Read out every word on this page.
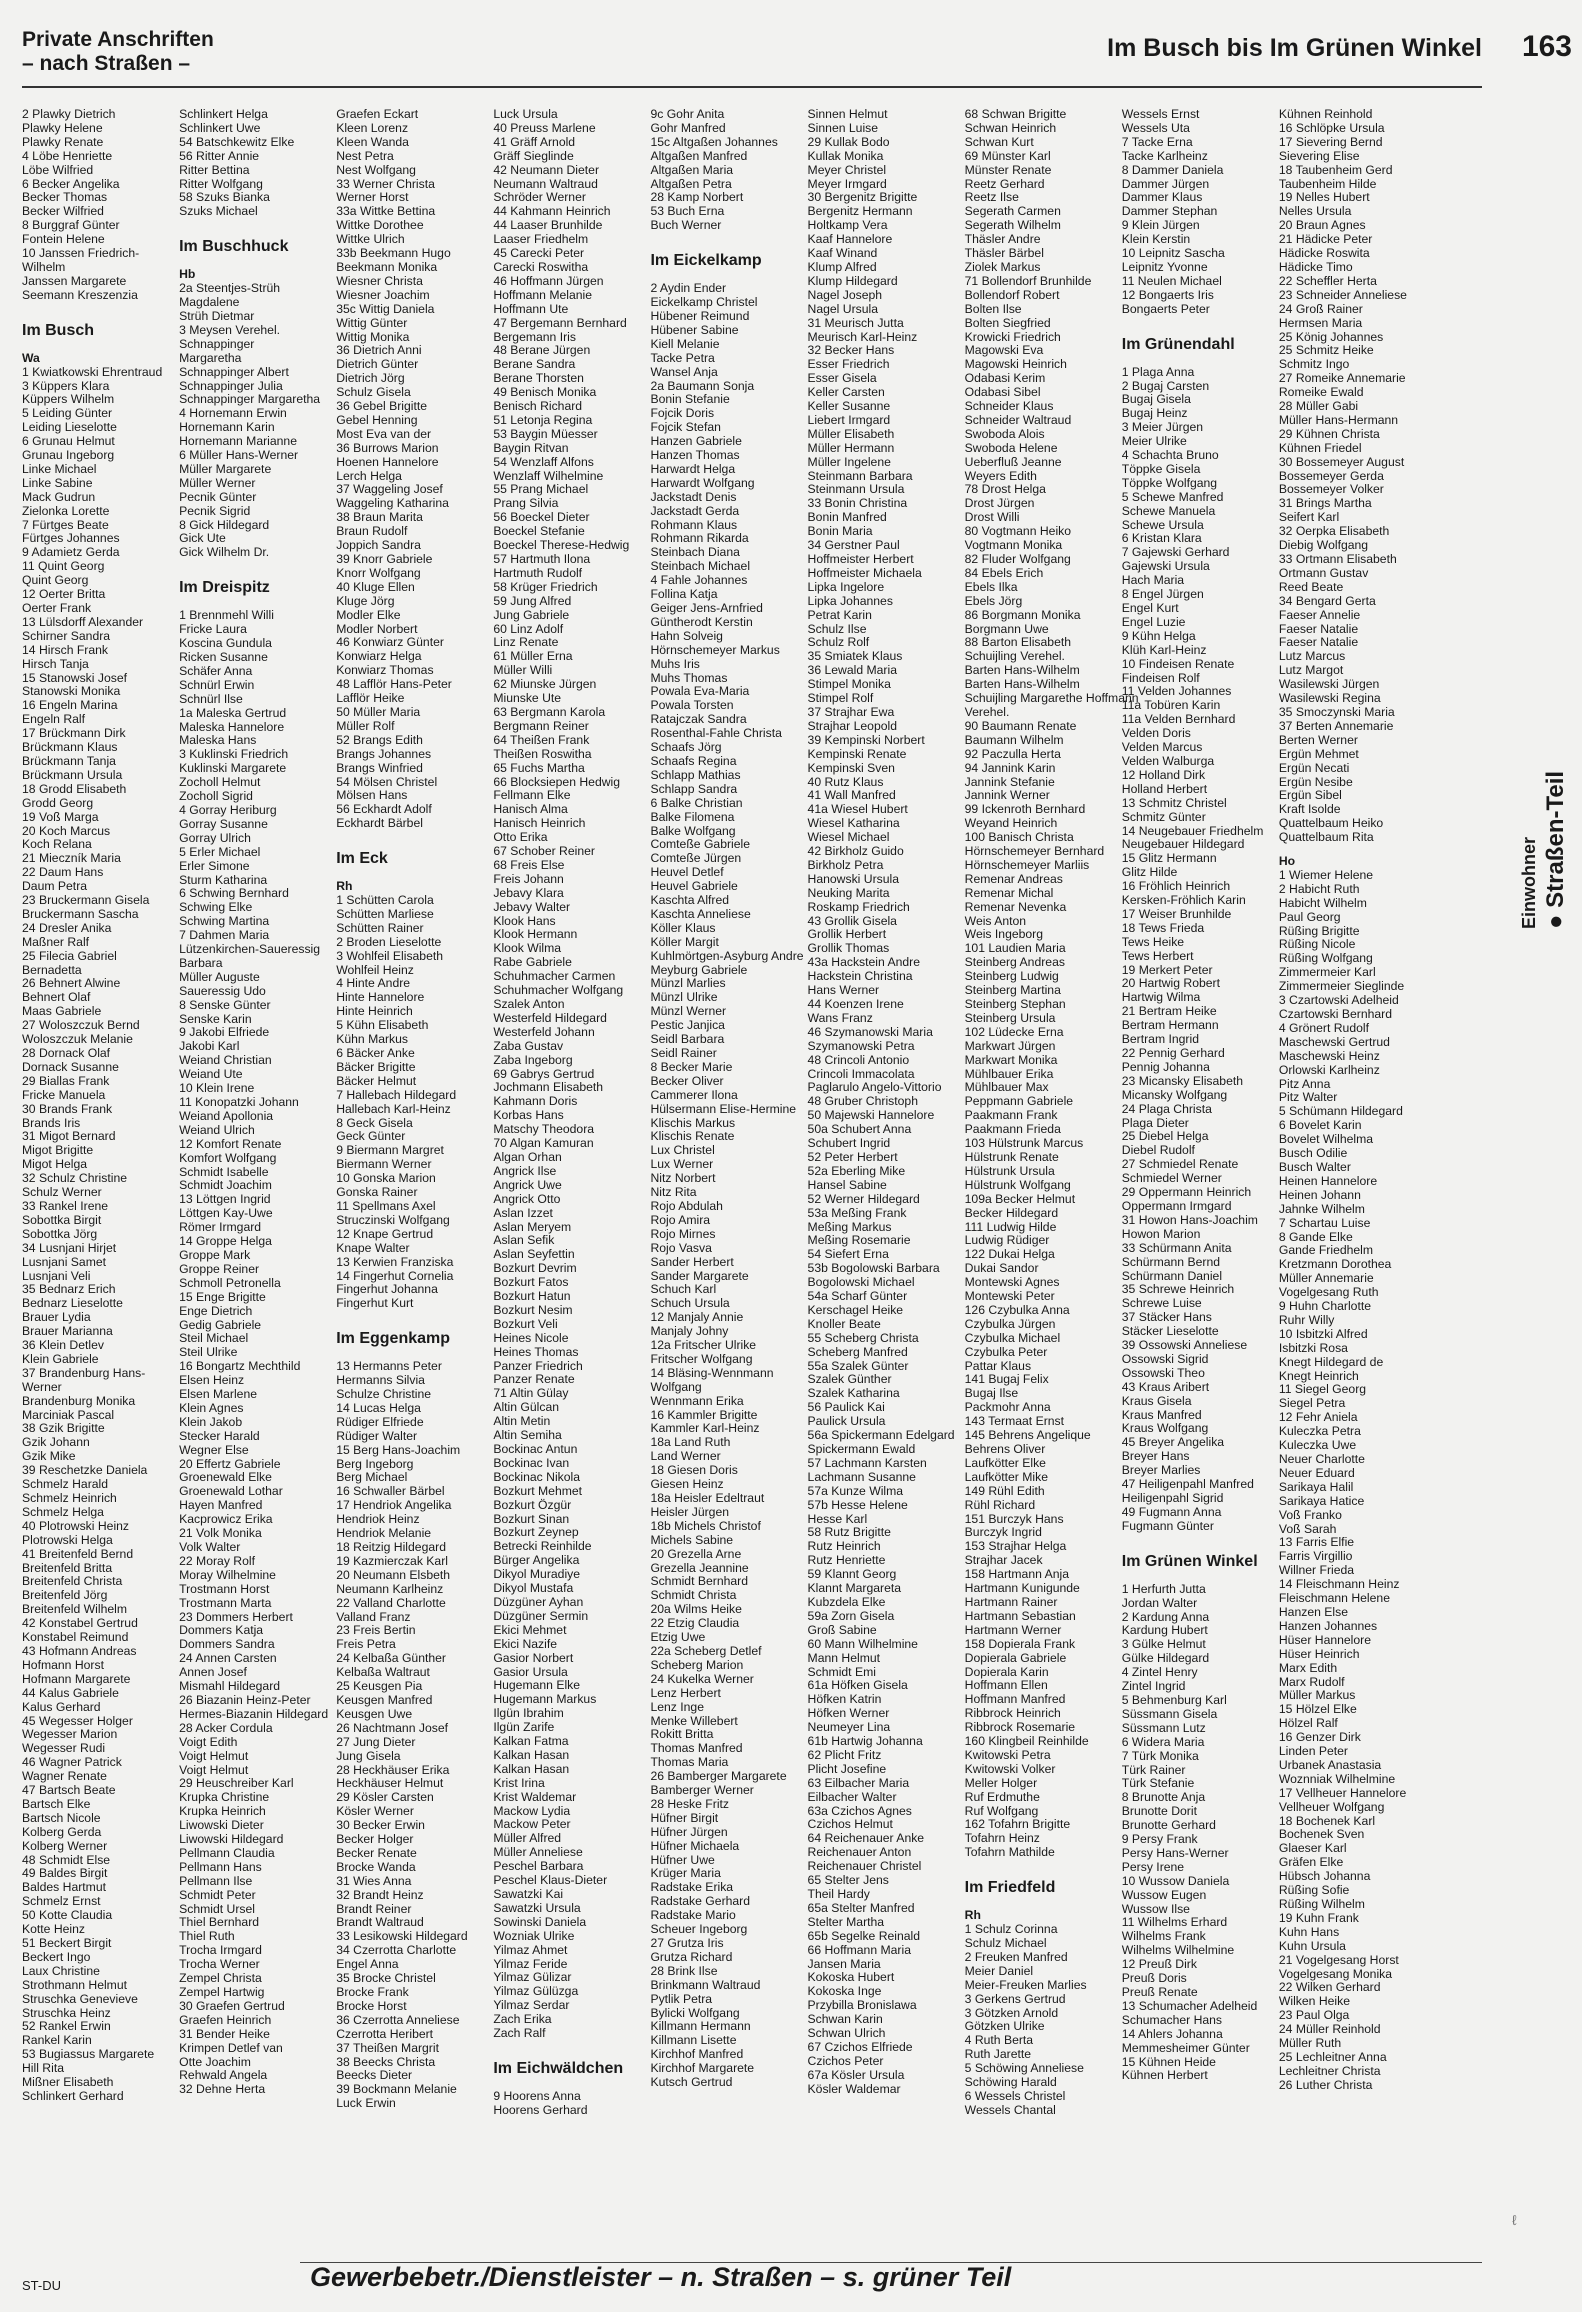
Private Anschriften
– nach Straßen –
Im Busch bis Im Grünen Winkel 163
2 Plawky Dietrich
Plawky Helene
Plawky Renate
4 Löbe Henriette
Löbe Wilfried
6 Becker Angelika
Becker Thomas
Becker Wilfried
8 Burggraf Günter
Fontein Helene
10 Janssen Friedrich-
Wilhelm
Janssen Margarete
Seemann Kreszenzia
Im Busch
Wa
1 Kwiatkowski Ehrentraud
3 Küppers Klara
Küppers Wilhelm
5 Leiding Günter
Leiding Lieselotte
6 Grunau Helmut
Grunau Ingeborg
Linke Michael
Linke Sabine
Mack Gudrun
Zielonka Lorette
7 Fürtges Beate
Fürtges Johannes
9 Adamietz Gerda
11 Quint Georg
Quint Georg
12 Oerter Britta
Oerter Frank
13 Lülsdorff Alexander
Schirner Sandra
14 Hirsch Frank
Hirsch Tanja
15 Stanowski Josef
Stanowski Monika
16 Engeln Marina
Engeln Ralf
17 Brückmann Dirk
Brückmann Klaus
Brückmann Tanja
Brückmann Ursula
18 Grodd Elisabeth
Grodd Georg
19 Voß Marga
20 Koch Marcus
Koch Relana
21 Mieczník Maria
22 Daum Hans
Daum Petra
23 Bruckermann Gisela
Bruckermann Sascha
24 Dresler Anika
Maßner Ralf
25 Filecia Gabriel
Bernadetta
26 Behnert Alwine
Behnert Olaf
Maas Gabriele
27 Woloszczuk Bernd
Woloszczuk Melanie
28 Dornack Olaf
Dornack Susanne
29 Biallas Frank
Fricke Manuela
30 Brands Frank
Brands Iris
31 Migot Bernard
Migot Brigitte
Migot Helga
32 Schulz Christine
Schulz Werner
33 Rankel Irene
Sobottka Birgit
Sobottka Jörg
34 Lusnjani Hirjet
Lusnjani Samet
Lusnjani Veli
35 Bednarz Erich
Bednarz Lieselotte
Brauer Lydia
Brauer Marianna
36 Klein Detlev
Klein Gabriele
37 Brandenburg Hans-
Werner
Brandenburg Monika
Marciniak Pascal
38 Gzik Brigitte
Gzik Johann
Gzik Mike
39 Reschetzke Daniela
Schmelz Harald
Schmelz Heinrich
Schmelz Helga
40 Plotrowski Heinz
Plotrowski Helga
41 Breitenfeld Bernd
Breitenfeld Britta
Breitenfeld Christa
Breitenfeld Jörg
Breitenfeld Wilhelm
42 Konstabel Gertrud
Konstabel Reimund
43 Hofmann Andreas
Hofmann Horst
Hofmann Margarete
44 Kalus Gabriele
Kalus Gerhard
45 Wegesser Holger
Wegesser Marion
Wegesser Rudi
46 Wagner Patrick
Wagner Renate
47 Bartsch Beate
Bartsch Elke
Bartsch Nicole
Kolberg Gerda
Kolberg Werner
48 Schmidt Else
49 Baldes Birgit
Baldes Hartmut
Schmelz Ernst
50 Kotte Claudia
Kotte Heinz
51 Beckert Birgit
Beckert Ingo
Laux Christine
Strothmann Helmut
Struschka Genevieve
Struschka Heinz
52 Rankel Erwin
Rankel Karin
53 Bugiassus Margarete
Hill Rita
Mißner Elisabeth
Schlinkert Gerhard
Schlinkert Helga
Schlinkert Uwe
54 Batschkewitz Elke
56 Ritter Annie
Ritter Bettina
Ritter Wolfgang
58 Szuks Bianka
Szuks Michael
Im Buschhuck
Hb
2a Steentjes-Strüh
Magdalene
Strüh Dietmar
3 Meysen Verehel.
Schnappinger
Margaretha
Schnappinger Albert
Schnappinger Julia
Schnappinger Margaretha
4 Hornemann Erwin
Hornemann Karin
Hornemann Marianne
6 Müller Hans-Werner
Müller Margarete
Müller Werner
Pecnik Günter
Pecnik Sigrid
8 Gick Hildegard
Gick Ute
Gick Wilhelm Dr.
Im Dreispitz
1 Brennmehl Willi
Fricke Laura
Koscina Gundula
Ricken Susanne
Schäfer Anna
Schnürl Erwin
Schnürl Ilse
1a Maleska Gertrud
Maleska Hannelore
Maleska Hans
3 Kuklinski Friedrich
Kuklinski Margarete
Zocholl Helmut
Zocholl Sigrid
4 Gorray Heriburg
Gorray Susanne
Gorray Ulrich
5 Erler Michael
Erler Simone
Sturm Katharina
6 Schwing Bernhard
Schwing Elke
Schwing Martina
7 Dahmen Maria
Lützenkirchen-Saueressig
Barbara
Müller Auguste
Saueressig Udo
8 Senske Günter
Senske Karin
9 Jakobi Elfriede
Jakobi Karl
Weiand Christian
Weiand Ute
10 Klein Irene
11 Konopatzki Johann
Weiand Apollonia
Weiand Ulrich
12 Komfort Renate
Komfort Wolfgang
Schmidt Isabelle
Schmidt Joachim
13 Löttgen Ingrid
Löttgen Kay-Uwe
Römer Irmgard
14 Groppe Helga
Groppe Mark
Groppe Reiner
Schmoll Petronella
15 Enge Brigitte
Enge Dietrich
Gedig Gabriele
Steil Michael
Steil Ulrike
16 Bongartz Mechthild
Elsen Heinz
Elsen Marlene
Klein Agnes
Klein Jakob
Stecker Harald
Wegner Else
20 Effertz Gabriele
Groenewald Elke
Groenewald Lothar
Hayen Manfred
Kacprowicz Erika
21 Volk Monika
Volk Walter
22 Moray Rolf
Moray Wilhelmine
Trostmann Horst
Trostmann Marta
23 Dommers Herbert
Dommers Katja
Dommers Sandra
24 Annen Carsten
Annen Josef
Mismahl Hildegard
26 Biazanin Heinz-Peter
Hermes-Biazanin Hildegard
28 Acker Cordula
Voigt Edith
Voigt Helmut
Voigt Helmut
29 Heuschreiber Karl
Krupka Christine
Krupka Heinrich
Liwowski Dieter
Liwowski Hildegard
Pellmann Claudia
Pellmann Hans
Pellmann Ilse
Schmidt Peter
Schmidt Ursel
Thiel Bernhard
Thiel Ruth
Trocha Irmgard
Trocha Werner
Zempel Christa
Zempel Hartwig
30 Graefen Gertrud
Graefen Heinrich
31 Bender Heike
Krimpen Detlef van
Otte Joachim
Rehwald Angela
32 Dehne Herta
Graefen Eckart
Kleen Lorenz
Kleen Wanda
Nest Petra
Nest Wolfgang
33 Werner Christa
Werner Horst
33a Wittke Bettina
Wittke Dorothee
Wittke Ulrich
33b Beekmann Hugo
Beekmann Monika
Wiesner Christa
Wiesner Joachim
35c Wittig Daniela
Wittig Günter
Wittig Monika
36 Dietrich Anni
Dietrich Günter
Dietrich Jörg
Schulz Gisela
36 Gebel Brigitte
Gebel Henning
Most Eva van der
36 Burrows Marion
Hoenen Hannelore
Lerch Helga
37 Waggeling Josef
Waggeling Katharina
38 Braun Marita
Braun Rudolf
Joppich Sandra
39 Knorr Gabriele
Knorr Wolfgang
40 Kluge Ellen
Kluge Jörg
Modler Elke
Modler Norbert
46 Konwiarz Günter
Konwiarz Helga
Konwiarz Thomas
48 Lafflör Hans-Peter
Lafflör Heike
50 Müller Maria
Müller Rolf
52 Brangs Edith
Brangs Johannes
Brangs Winfried
54 Mölsen Christel
Mölsen Hans
56 Eckhardt Adolf
Eckhardt Bärbel
Im Eck
Rh
1 Schütten Carola
Schütten Marliese
Schütten Rainer
2 Broden Lieselotte
3 Wohlfeil Elisabeth
Wohlfeil Heinz
4 Hinte Andre
Hinte Hannelore
Hinte Heinrich
5 Kühn Elisabeth
Kühn Markus
6 Bäcker Anke
Bäcker Brigitte
Bäcker Helmut
7 Hallebach Hildegard
Hallebach Karl-Heinz
8 Geck Gisela
Geck Günter
9 Biermann Margret
Biermann Werner
10 Gonska Marion
Gonska Rainer
11 Spellmans Axel
Struczinski Wolfgang
12 Knape Gertrud
Knape Walter
13 Kerwien Franziska
14 Fingerhut Cornelia
Fingerhut Johanna
Fingerhut Kurt
Im Eggenkamp
13 Hermanns Peter
Hermanns Silvia
Schulze Christine
14 Lucas Helga
Rüdiger Elfriede
Rüdiger Walter
15 Berg Hans-Joachim
Berg Ingeborg
Berg Michael
16 Schwaller Bärbel
17 Hendriok Angelika
Hendriok Heinz
Hendriok Melanie
18 Reitzig Hildegard
19 Kazmierczak Karl
20 Neumann Elsbeth
Neumann Karlheinz
22 Valland Charlotte
Valland Franz
23 Freis Bertin
Freis Petra
24 Kelbaßa Günther
Kelbaßa Waltraut
25 Keusgen Pia
Keusgen Manfred
Keusgen Uwe
26 Nachtmann Josef
27 Jung Dieter
Jung Gisela
28 Heckhäuser Erika
Heckhäuser Helmut
29 Kösler Carsten
Kösler Werner
30 Becker Erwin
Becker Holger
Becker Renate
Brocke Wanda
31 Wies Anna
32 Brandt Heinz
Brandt Reiner
Brandt Waltraud
33 Lesikowski Hildegard
34 Czerrotta Charlotte
Engel Anna
35 Brocke Christel
Brocke Frank
Brocke Horst
36 Czerrotta Anneliese
Czerrotta Heribert
37 Theißen Margrit
38 Beecks Christa
Beecks Dieter
39 Bockmann Melanie
Luck Erwin
Luck Ursula
40 Preuss Marlene
41 Gräff Arnold
Gräff Sieglinde
42 Neumann Dieter
Neumann Waltraud
Schröder Werner
44 Kahmann Heinrich
44 Laaser Brunhilde
Laaser Friedhelm
45 Carecki Peter
Carecki Roswitha
46 Hoffmann Jürgen
Hoffmann Melanie
Hoffmann Ute
47 Bergemann Bernhard
Bergemann Iris
48 Berane Jürgen
Berane Sandra
Berane Thorsten
49 Benisch Monika
Benisch Richard
51 Letonja Regina
53 Baygin Müesser
Baygin Ritvan
54 Wenzlaff Alfons
Wenzlaff Wilhelmine
55 Prang Michael
Prang Silvia
56 Boeckel Dieter
Boeckel Stefanie
Boeckel Therese-Hedwig
57 Hartmuth Ilona
Hartmuth Rudolf
58 Krüger Friedrich
59 Jung Alfred
Jung Gabriele
60 Linz Adolf
Linz Renate
61 Müller Erna
Müller Willi
62 Miunske Jürgen
Miunske Ute
63 Bergmann Karola
Bergmann Reiner
64 Theißen Frank
Theißen Roswitha
65 Fuchs Martha
66 Blocksiepen Hedwig
Fellmann Elke
Hanisch Alma
Hanisch Heinrich
Otto Erika
67 Schober Reiner
68 Freis Else
Freis Johann
Jebavy Klara
Jebavy Walter
Klook Hans
Klook Hermann
Klook Wilma
Rabe Gabriele
Schuhmacher Carmen
Schuhmacher Wolfgang
Szalek Anton
Westerfeld Hildegard
Westerfeld Johann
Zaba Gustav
Zaba Ingeborg
69 Gabrys Gertrud
Jochmann Elisabeth
Kahmann Doris
Korbas Hans
Matschy Theodora
70 Algan Kamuran
Algan Orhan
Angrick Ilse
Angrick Uwe
Angrick Otto
Aslan Izzet
Aslan Meryem
Aslan Sefik
Aslan Seyfettin
Bozkurt Devrim
Bozkurt Fatos
Bozkurt Hatun
Bozkurt Nesim
Bozkurt Veli
Heines Nicole
Heines Thomas
Panzer Friedrich
Panzer Renate
71 Altin Gülay
Altin Gülcan
Altin Metin
Altin Semiha
Bockinac Antun
Bockinac Ivan
Bockinac Nikola
Bozkurt Mehmet
Bozkurt Özgür
Bozkurt Sinan
Bozkurt Zeynep
Betrecki Reinhilde
Bürger Angelika
Dikyol Muradiye
Dikyol Mustafa
Düzgüner Ayhan
Düzgüner Sermin
Ekici Mehmet
Ekici Nazife
Gasior Norbert
Gasior Ursula
Hugemann Elke
Hugemann Markus
Ilgün Ibrahim
Ilgün Zarife
Kalkan Fatma
Kalkan Hasan
Kalkan Hasan
Krist Irina
Krist Waldemar
Mackow Lydia
Mackow Peter
Müller Alfred
Müller Anneliese
Peschel Barbara
Peschel Klaus-Dieter
Sawatzki Kai
Sawatzki Ursula
Sowinski Daniela
Wozniak Ulrike
Yilmaz Ahmet
Yilmaz Feride
Yilmaz Gülizar
Yilmaz Gülüzga
Yilmaz Serdar
Zach Erika
Zach Ralf
Im Eichwäldchen
9 Hoorens Anna
Hoorens Gerhard
9c Gohr Anita
Gohr Manfred
15c Altgaßen Johannes
Altgaßen Manfred
Altgaßen Maria
Altgaßen Petra
28 Kamp Norbert
53 Buch Erna
Buch Werner
Im Eickelkamp
2 Aydin Ender
Eickelkamp Christel
Hübener Reimund
Hübener Sabine
Kiell Melanie
Tacke Petra
Wansel Anja
2a Baumann Sonja
Bonin Stefanie
Fojcik Doris
Fojcik Stefan
Hanzen Gabriele
Hanzen Thomas
Harwardt Helga
Harwardt Wolfgang
Jackstadt Denis
Jackstadt Gerda
Rohmann Klaus
Rohmann Rikarda
Steinbach Diana
Steinbach Michael
4 Fahle Johannes
Follina Katja
Geiger Jens-Arnfried
Güntherodt Kerstin
Hahn Solveig
Hörnschemeyer Markus
Muhs Iris
Muhs Thomas
Powala Eva-Maria
Powala Torsten
Ratajczak Sandra
Rosenthal-Fahle Christa
Schaafs Jörg
Schaafs Regina
Schlapp Mathias
Schlapp Sandra
6 Balke Christian
Balke Filomena
Balke Wolfgang
Comteße Gabriele
Comteße Jürgen
Heuvel Detlef
Heuvel Gabriele
Kaschta Alfred
Kaschta Anneliese
Köller Klaus
Köller Margit
Kuhlmörtgen-Asyburg Andre
Meyburg Gabriele
Münzl Marlies
Münzl Ulrike
Münzl Werner
Pestic Janjica
Seidl Barbara
Seidl Rainer
8 Becker Marie
Becker Oliver
Cammerer Ilona
Hülsermann Elise-Hermine
Klischis Markus
Klischis Renate
Lux Christel
Lux Werner
Nitz Norbert
Nitz Rita
Rojo Abdulah
Rojo Amira
Rojo Mirnes
Rojo Vasva
Sander Herbert
Sander Margarete
Schuch Karl
Schuch Ursula
12 Manjaly Annie
Manjaly Johny
12a Fritscher Ulrike
Fritscher Wolfgang
14 Bläsing-Wennmann
Wolfgang
Wennmann Erika
16 Kammler Brigitte
Kammler Karl-Heinz
18a Land Ruth
Land Werner
18 Giesen Doris
Giesen Heinz
18a Heisler Edeltraut
Heisler Jürgen
18b Michels Christof
Michels Sabine
20 Grezella Arne
Grezella Jeannine
Schmidt Bernhard
Schmidt Christa
20a Wilms Heike
22 Etzig Claudia
Etzig Uwe
22a Scheberg Detlef
Scheberg Marion
24 Kukelka Werner
Lenz Herbert
Lenz Inge
Menke Willebert
Rokitt Britta
Thomas Manfred
Thomas Maria
26 Bamberger Margarete
Bamberger Werner
28 Heske Fritz
Hüfner Birgit
Hüfner Jürgen
Hüfner Michaela
Hüfner Uwe
Krüger Maria
Radstake Erika
Radstake Gerhard
Radstake Mario
Scheuer Ingeborg
27 Grutza Iris
Grutza Richard
28 Brink Ilse
Brinkmann Waltraud
Pytlik Petra
Bylicki Wolfgang
Killmann Hermann
Killmann Lisette
Kirchhof Manfred
Kirchhof Margarete
Kutsch Gertrud
Sinnen Helmut
Sinnen Luise
29 Kullak Bodo
Kullak Monika
Meyer Christel
Meyer Irmgard
30 Bergenitz Brigitte
Bergenitz Hermann
Holtkamp Vera
Kaaf Hannelore
Kaaf Winand
Klump Alfred
Klump Hildegard
Nagel Joseph
Nagel Ursula
31 Meurisch Jutta
Meurisch Karl-Heinz
32 Becker Hans
Esser Friedrich
Esser Gisela
Keller Carsten
Keller Susanne
Liebert Irmgard
Müller Elisabeth
Müller Hermann
Müller Ingelene
Steinmann Barbara
Steinmann Ursula
33 Bonin Christina
Bonin Manfred
Bonin Maria
34 Gerstner Paul
Hoffmeister Herbert
Hoffmeister Michaela
Lipka Ingelore
Lipka Johannes
Petrat Karin
Schulz Ilse
Schulz Rolf
35 Smiatek Klaus
36 Lewald Maria
Stimpel Monika
Stimpel Rolf
37 Strajhar Ewa
Strajhar Leopold
39 Kempinski Norbert
Kempinski Renate
Kempinski Sven
40 Rutz Klaus
41 Wall Manfred
41a Wiesel Hubert
Wiesel Katharina
Wiesel Michael
42 Birkholz Guido
Birkholz Petra
Hanowski Ursula
Neuking Marita
Roskamp Friedrich
43 Grollik Gisela
Grollik Herbert
Grollik Thomas
43a Hackstein Andre
Hackstein Christina
Hans Werner
44 Koenzen Irene
Wans Franz
46 Szymanowski Maria
Szymanowski Petra
48 Crincoli Antonio
Crincoli Immacolata
Paglarulo Angelo-Vittorio
48 Gruber Christoph
50 Majewski Hannelore
50a Schubert Anna
Schubert Ingrid
52 Peter Herbert
52a Eberling Mike
Hansel Sabine
52 Werner Hildegard
53a Meßing Frank
Meßing Markus
Meßing Rosemarie
54 Siefert Erna
53b Bogolowski Barbara
Bogolowski Michael
54a Scharf Günter
Kerschagel Heike
Knoller Beate
55 Scheberg Christa
Scheberg Manfred
55a Szalek Günter
Szalek Günther
Szalek Katharina
56 Paulick Kai
Paulick Ursula
56a Spickermann Edelgard
Spickermann Ewald
57 Lachmann Karsten
Lachmann Susanne
57a Kunze Wilma
57b Hesse Helene
Hesse Karl
58 Rutz Brigitte
Rutz Heinrich
Rutz Henriette
59 Klannt Georg
Klannt Margareta
Kubzdela Elke
59a Zorn Gisela
Groß Sabine
60 Mann Wilhelmine
Mann Helmut
Schmidt Emi
61a Höfken Gisela
Höfken Katrin
Höfken Werner
Neumeyer Lina
61b Hartwig Johanna
62 Plicht Fritz
Plicht Josefine
63 Eilbacher Maria
Eilbacher Walter
63a Czichos Agnes
Czichos Helmut
64 Reichenauer Anke
Reichenauer Anton
Reichenauer Christel
65 Stelter Jens
Theil Hardy
65a Stelter Manfred
Stelter Martha
65b Segelke Reinald
66 Hoffmann Maria
Jansen Maria
Kokoska Hubert
Kokoska Inge
Przybilla Bronislawa
Schwan Karin
Schwan Ulrich
67 Czichos Elfriede
Czichos Peter
67a Kösler Ursula
Kösler Waldemar
68 Schwan Brigitte
Schwan Heinrich
Schwan Kurt
69 Münster Karl
Münster Renate
Reetz Gerhard
Reetz Ilse
Segerath Carmen
Segerath Wilhelm
Thäsler Andre
Thäsler Bärbel
Ziolek Markus
71 Bollendorf Brunhilde
Bollendorf Robert
Bolten Ilse
Bolten Siegfried
Krowicki Friedrich
Magowski Eva
Magowski Heinrich
Odabasi Kerim
Odabasi Sibel
Schneider Klaus
Schneider Waltraud
Swoboda Alois
Swoboda Helene
Ueberfluß Jeanne
Weyers Edith
78 Drost Helga
Drost Jürgen
Drost Willi
80 Vogtmann Heiko
Vogtmann Monika
82 Fluder Wolfgang
84 Ebels Erich
Ebels Ilka
Ebels Jörg
86 Borgmann Monika
Borgmann Uwe
88 Barton Elisabeth
Schuijling Verehel.
Barten Hans-Wilhelm
Barten Hans-Wilhelm
Schuijling Margarethe Hoffmann
Verehel.
90 Baumann Renate
Baumann Wilhelm
92 Paczulla Herta
94 Jannink Karin
Jannink Stefanie
Jannink Werner
99 Ickenroth Bernhard
Weyand Heinrich
100 Banisch Christa
Hörnschemeyer Bernhard
Hörnschemeyer Marliis
Remenar Andreas
Remenar Michal
Remenar Nevenka
Weis Anton
Weis Ingeborg
101 Laudien Maria
Steinberg Andreas
Steinberg Ludwig
Steinberg Martina
Steinberg Stephan
Steinberg Ursula
102 Lüdecke Erna
Markwart Jürgen
Markwart Monika
Mühlbauer Erika
Mühlbauer Max
Peppmann Gabriele
Paakmann Frank
Paakmann Frieda
103 Hülstrunk Marcus
Hülstrunk Renate
Hülstrunk Ursula
Hülstrunk Wolfgang
109a Becker Helmut
Becker Hildegard
111 Ludwig Hilde
Ludwig Rüdiger
122 Dukai Helga
Dukai Sandor
Montewski Agnes
Montewski Peter
126 Czybulka Anna
Czybulka Jürgen
Czybulka Michael
Czybulka Peter
Pattar Klaus
141 Bugaj Felix
Bugaj Ilse
Packmohr Anna
143 Termaat Ernst
145 Behrens Angelique
Behrens Oliver
Laufkötter Elke
Laufkötter Mike
149 Rühl Edith
Rühl Richard
151 Burczyk Hans
Burczyk Ingrid
153 Strajhar Helga
Strajhar Jacek
158 Hartmann Anja
Hartmann Kunigunde
Hartmann Rainer
Hartmann Sebastian
Hartmann Werner
158 Dopierala Frank
Dopierala Gabriele
Dopierala Karin
Hoffmann Ellen
Hoffmann Manfred
Ribbrock Heinrich
Ribbrock Rosemarie
160 Klingbeil Reinhilde
Kwitowski Petra
Kwitowski Volker
Meller Holger
Ruf Erdmuthe
Ruf Wolfgang
162 Tofahrn Brigitte
Tofahrn Heinz
Tofahrn Mathilde
Im Friedfeld
Rh
1 Schulz Corinna
Schulz Michael
2 Freuken Manfred
Meier Daniel
Meier-Freuken Marlies
3 Gerkens Gertrud
3 Götzken Arnold
Götzken Ulrike
4 Ruth Berta
Ruth Jarette
5 Schöwing Anneliese
Schöwing Harald
6 Wessels Christel
Wessels Chantal
Wessels Ernst
Wessels Uta
7 Tacke Erna
Tacke Karlheinz
8 Dammer Daniela
Dammer Jürgen
Dammer Klaus
Dammer Stephan
9 Klein Jürgen
Klein Kerstin
10 Leipnitz Sascha
Leipnitz Yvonne
11 Neulen Michael
12 Bongaerts Iris
Bongaerts Peter
Im Grünendahl
1 Plaga Anna
2 Bugaj Carsten
Bugaj Gisela
Bugaj Heinz
3 Meier Jürgen
Meier Ulrike
4 Schachta Bruno
Töppke Gisela
Töppke Wolfgang
5 Schewe Manfred
Schewe Manuela
Schewe Ursula
6 Kristan Klara
7 Gajewski Gerhard
Gajewski Ursula
Hach Maria
8 Engel Jürgen
Engel Kurt
Engel Luzie
9 Kühn Helga
Klüh Karl-Heinz
10 Findeisen Renate
Findeisen Rolf
11 Velden Johannes
11a Tobüren Karin
11a Velden Bernhard
Velden Doris
Velden Marcus
Velden Walburga
12 Holland Dirk
Holland Herbert
13 Schmitz Christel
Schmitz Günter
14 Neugebauer Friedhelm
Neugebauer Hildegard
15 Glitz Hermann
Glitz Hilde
16 Fröhlich Heinrich
Kersken-Fröhlich Karin
17 Weiser Brunhilde
18 Tews Frieda
Tews Heike
Tews Herbert
19 Merkert Peter
20 Hartwig Robert
Hartwig Wilma
21 Bertram Heike
Bertram Hermann
Bertram Ingrid
22 Pennig Gerhard
Pennig Johanna
23 Micansky Elisabeth
Micansky Wolfgang
24 Plaga Christa
Plaga Dieter
25 Diebel Helga
Diebel Rudolf
27 Schmiedel Renate
Schmiedel Werner
29 Oppermann Heinrich
Oppermann Irmgard
31 Howon Hans-Joachim
Howon Marion
33 Schürmann Anita
Schürmann Bernd
Schürmann Daniel
35 Schrewe Heinrich
Schrewe Luise
37 Stäcker Hans
Stäcker Lieselotte
39 Ossowski Anneliese
Ossowski Sigrid
Ossowski Theo
43 Kraus Aribert
Kraus Gisela
Kraus Manfred
Kraus Wolfgang
45 Breyer Angelika
Breyer Hans
Breyer Marlies
47 Heiligenpahl Manfred
Heiligenpahl Sigrid
49 Fugmann Anna
Fugmann Günter
Im Grünen Winkel
1 Herfurth Jutta
Jordan Walter
2 Kardung Anna
Kardung Hubert
3 Gülke Helmut
Gülke Hildegard
4 Zintel Henry
Zintel Ingrid
5 Behmenburg Karl
Süssmann Gisela
Süssmann Lutz
6 Widera Maria
7 Türk Monika
Türk Rainer
Türk Stefanie
8 Brunotte Anja
Brunotte Dorit
Brunotte Gerhard
9 Persy Frank
Persy Hans-Werner
Persy Irene
10 Wussow Daniela
Wussow Eugen
Wussow Ilse
11 Wilhelms Erhard
Wilhelms Frank
Wilhelms Wilhelmine
12 Preuß Dirk
Preuß Doris
Preuß Renate
13 Schumacher Adelheid
Schumacher Hans
14 Ahlers Johanna
Memmesheimer Günter
15 Kühnen Heide
Kühnen Herbert
Kühnen Reinhold
16 Schlöpke Ursula
17 Sievering Bernd
Sievering Elise
18 Taubenheim Gerd
Taubenheim Hilde
19 Nelles Hubert
Nelles Ursula
20 Braun Agnes
21 Hädicke Peter
Hädicke Roswita
Hädicke Timo
22 Scheffler Herta
23 Schneider Anneliese
24 Groß Rainer
Hermsen Maria
25 König Johannes
25 Schmitz Heike
Schmitz Ingo
27 Romeike Annemarie
Romeike Ewald
28 Müller Gabi
Müller Hans-Hermann
29 Kühnen Christa
Kühnen Friedel
30 Bossemeyer August
Bossemeyer Gerda
Bossemeyer Volker
31 Brings Martha
Seifert Karl
32 Oerpka Elisabeth
Diebig Wolfgang
33 Ortmann Elisabeth
Ortmann Gustav
Reed Beate
34 Bengard Gerta
Faeser Annelie
Faeser Natalie
Faeser Natalie
Lutz Marcus
Lutz Margot
Wasilewski Jürgen
Wasilewski Regina
35 Smoczynski Maria
37 Berten Annemarie
Berten Werner
Ergün Mehmet
Ergün Necati
Ergün Nesibe
Ergün Sibel
Kraft Isolde
Quattelbaum Heiko
Quattelbaum Rita
Ho
1 Wiemer Helene
2 Habicht Ruth
Habicht Wilhelm
Paul Georg
Rüßing Brigitte
Rüßing Nicole
Rüßing Wolfgang
Zimmermeier Karl
Zimmermeier Sieglinde
3 Czartowski Adelheid
Czartowski Bernhard
4 Grönert Rudolf
Maschewski Gertrud
Maschewski Heinz
Orlowski Karlheinz
Pitz Anna
Pitz Walter
5 Schümann Hildegard
6 Bovelet Karin
Bovelet Wilhelma
Busch Odilie
Busch Walter
Heinen Hannelore
Heinen Johann
Jahnke Wilhelm
7 Schartau Luise
8 Gande Elke
Gande Friedhelm
Kretzmann Dorothea
Müller Annemarie
Vogelgesang Ruth
9 Huhn Charlotte
Ruhr Willy
10 Isbitzki Alfred
Isbitzki Rosa
Knegt Hildegard de
Knegt Heinrich
11 Siegel Georg
Siegel Petra
12 Fehr Aniela
Kuleczka Petra
Kuleczka Uwe
Neuer Charlotte
Neuer Eduard
Sarikaya Halil
Sarikaya Hatice
Voß Franko
Voß Sarah
13 Farris Elfie
Farris Virgillio
Willner Frieda
14 Fleischmann Heinz
Fleischmann Helene
Hanzen Else
Hanzen Johannes
Hüser Hannelore
Hüser Heinrich
Marx Edith
Marx Rudolf
Müller Markus
15 Hölzel Elke
Hölzel Ralf
16 Genzer Dirk
Linden Peter
Urbanek Anastasia
Woznniak Wilhelmine
17 Vellheuer Hannelore
Vellheuer Wolfgang
18 Bochenek Karl
Bochenek Sven
Glaeser Karl
Gräfen Elke
Hübsch Johanna
Rüßing Sofie
Rüßing Wilhelm
19 Kuhn Frank
Kuhn Hans
Kuhn Ursula
21 Vogelgesang Horst
Vogelgesang Monika
22 Wilken Gerhard
Wilken Heike
23 Paul Olga
24 Müller Reinhold
Müller Ruth
25 Lechleitner Anna
Lechleitner Christa
26 Luther Christa
Einwohner ● Straßen-Teil
ST-DU	Gewerbebetr./Dienstleister – n. Straßen – s. grüner Teil
ℓ
